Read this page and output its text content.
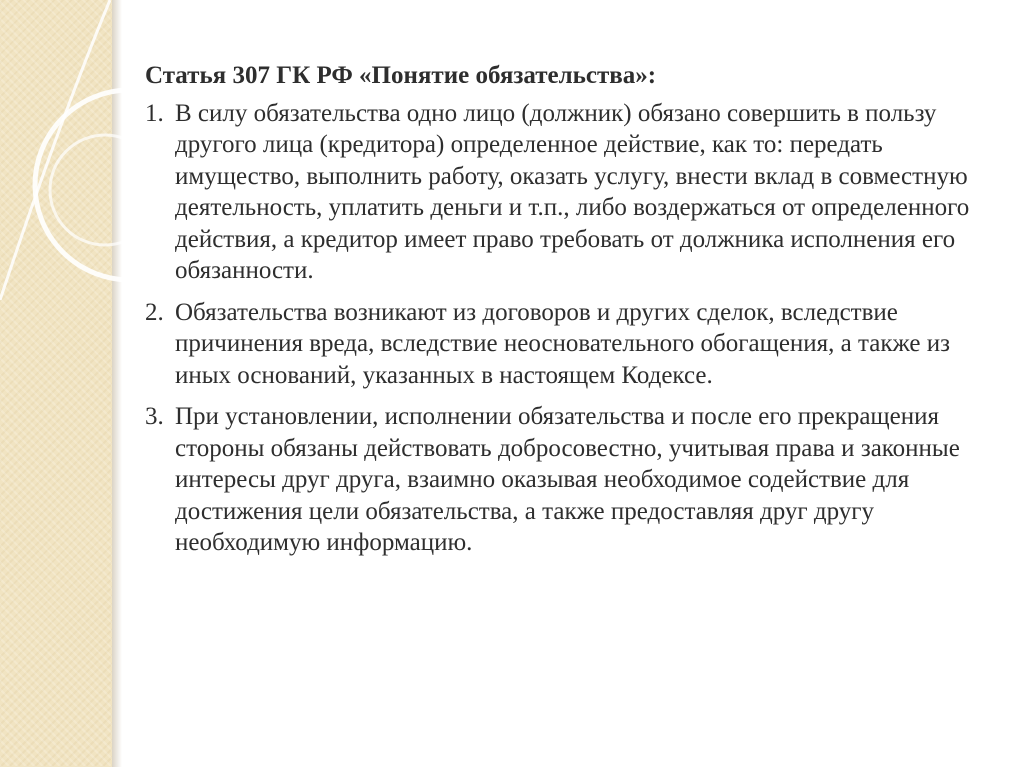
Статья 307 ГК РФ «Понятие обязательства»:
1. В силу обязательства одно лицо (должник) обязано совершить в пользу другого лица (кредитора) определенное действие, как то: передать имущество, выполнить работу, оказать услугу, внести вклад в совместную деятельность, уплатить деньги и т.п., либо воздержаться от определенного действия, а кредитор имеет право требовать от должника исполнения его обязанности.
2. Обязательства возникают из договоров и других сделок, вследствие причинения вреда, вследствие неосновательного обогащения, а также из иных оснований, указанных в настоящем Кодексе.
3. При установлении, исполнении обязательства и после его прекращения стороны обязаны действовать добросовестно, учитывая права и законные интересы друг друга, взаимно оказывая необходимое содействие для достижения цели обязательства, а также предоставляя друг другу необходимую информацию.
